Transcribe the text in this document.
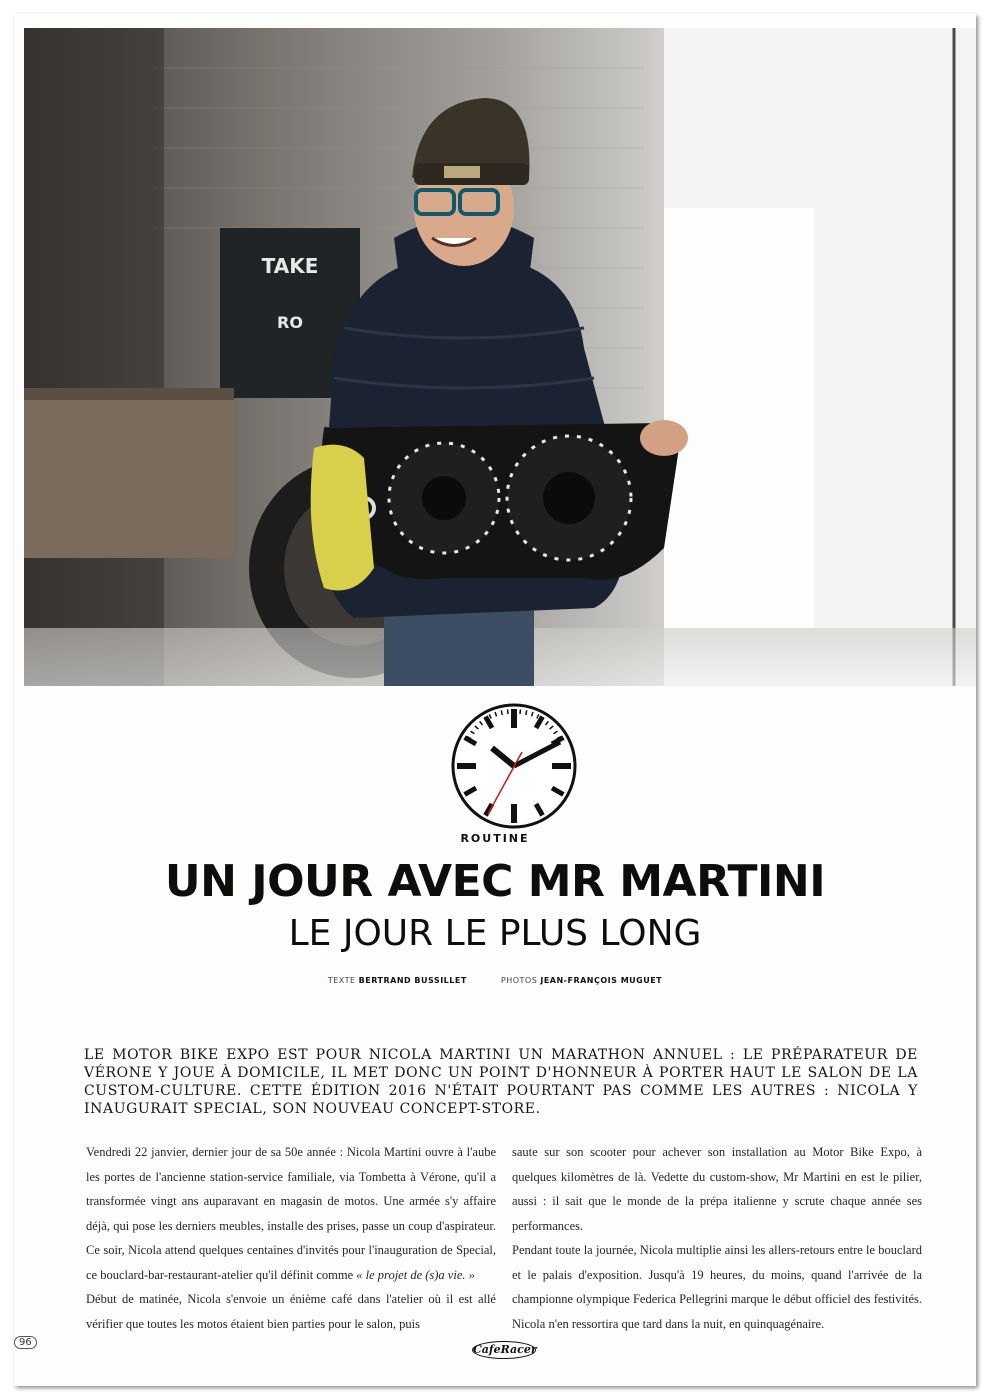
TAKE
RO
ROUTINE
UN JOUR AVEC MR MARTINI
LE JOUR LE PLUS LONG
TEXTE BERTRAND BUSSILLET	PHOTOS JEAN-FRANÇOIS MUGUET
LE MOTOR BIKE EXPO EST POUR NICOLA MARTINI UN MARATHON ANNUEL : LE PRÉPARATEUR DE VÉRONE Y JOUE À DOMICILE, IL MET DONC UN POINT D'HONNEUR À PORTER HAUT LE SALON DE LA CUSTOM-CULTURE. CETTE ÉDITION 2016 N'ÉTAIT POURTANT PAS COMME LES AUTRES : NICOLA Y INAUGURAIT SPECIAL, SON NOUVEAU CONCEPT-STORE.

Vendredi 22 janvier, dernier jour de sa 50e année : Nicola Martini ouvre à l'aube les portes de l'ancienne station-service familiale, via Tombetta à Vérone, qu'il a transformée vingt ans auparavant en magasin de motos. Une armée s'y affaire déjà, qui pose les derniers meubles, installe des prises, passe un coup d'aspirateur. Ce soir, Nicola attend quelques centaines d'invités pour l'inauguration de Special, ce bouclard-bar-restaurant-atelier qu'il définit comme « le projet de (s)a vie. »

Début de matinée, Nicola s'envoie un énième café dans l'atelier où il est allé vérifier que toutes les motos étaient bien parties pour le salon, puis

saute sur son scooter pour achever son installation au Motor Bike Expo, à quelques kilomètres de là. Vedette du custom-show, Mr Martini en est le pilier, aussi : il sait que le monde de la prépa italienne y scrute chaque année ses performances.

Pendant toute la journée, Nicola multiplie ainsi les allers-retours entre le bouclard et le palais d'exposition. Jusqu'à 19 heures, du moins, quand l'arrivée de la championne olympique Federica Pellegrini marque le début officiel des festivités. Nicola n'en ressortira que tard dans la nuit, en quinquagénaire.

96
CafeRacer
